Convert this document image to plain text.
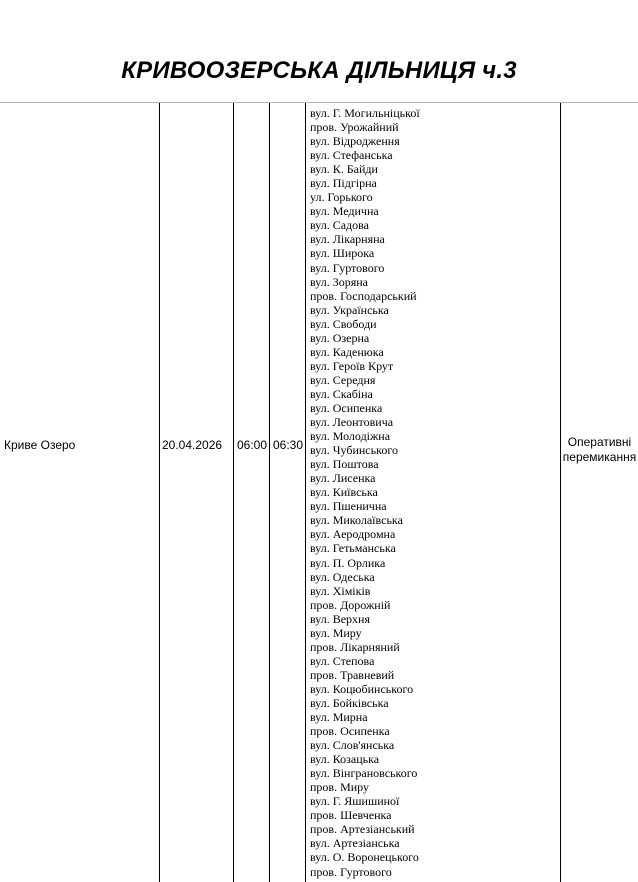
КРИВООЗЕРСЬКА ДІЛЬНИЦЯ ч.3
Криве Озеро	20.04.2026 06:00 06:30
вул. Г. Могильніцької
пров. Урожайний
вул. Відродження
вул. Стефанська
вул. К. Байди
вул. Підгірна
ул. Горького
вул. Медична
вул. Садова
вул. Лікарняна
вул. Широка
вул. Гуртового
вул. Зоряна
пров. Господарський
вул. Українська
вул. Свободи
вул. Озерна
вул. Каденюка
вул. Героїв Крут
вул. Середня
вул. Скабіна
вул. Осипенка
вул. Леонтовича
вул. Молодіжна
вул. Чубинського
вул. Поштова
вул. Лисенка
вул. Київська
вул. Пшенична
вул. Миколаївська
вул. Аеродромна
вул. Гетьманська
вул. П. Орлика
вул. Одеська
вул. Хіміків
пров. Дорожній
вул. Верхня
вул. Миру
пров. Лікарняний
вул. Степова
пров. Травневий
вул. Коцюбинського
вул. Бойківська
вул. Мирна
пров. Осипенка
вул. Слов'янська
вул. Козацька
вул. Вінграновського
пров. Миру
вул. Г. Яшишиної
пров. Шевченка
пров. Артезіанський
вул. Артезіанська
вул. О. Воронецького
пров. Гуртового
Оперативні перемикання
